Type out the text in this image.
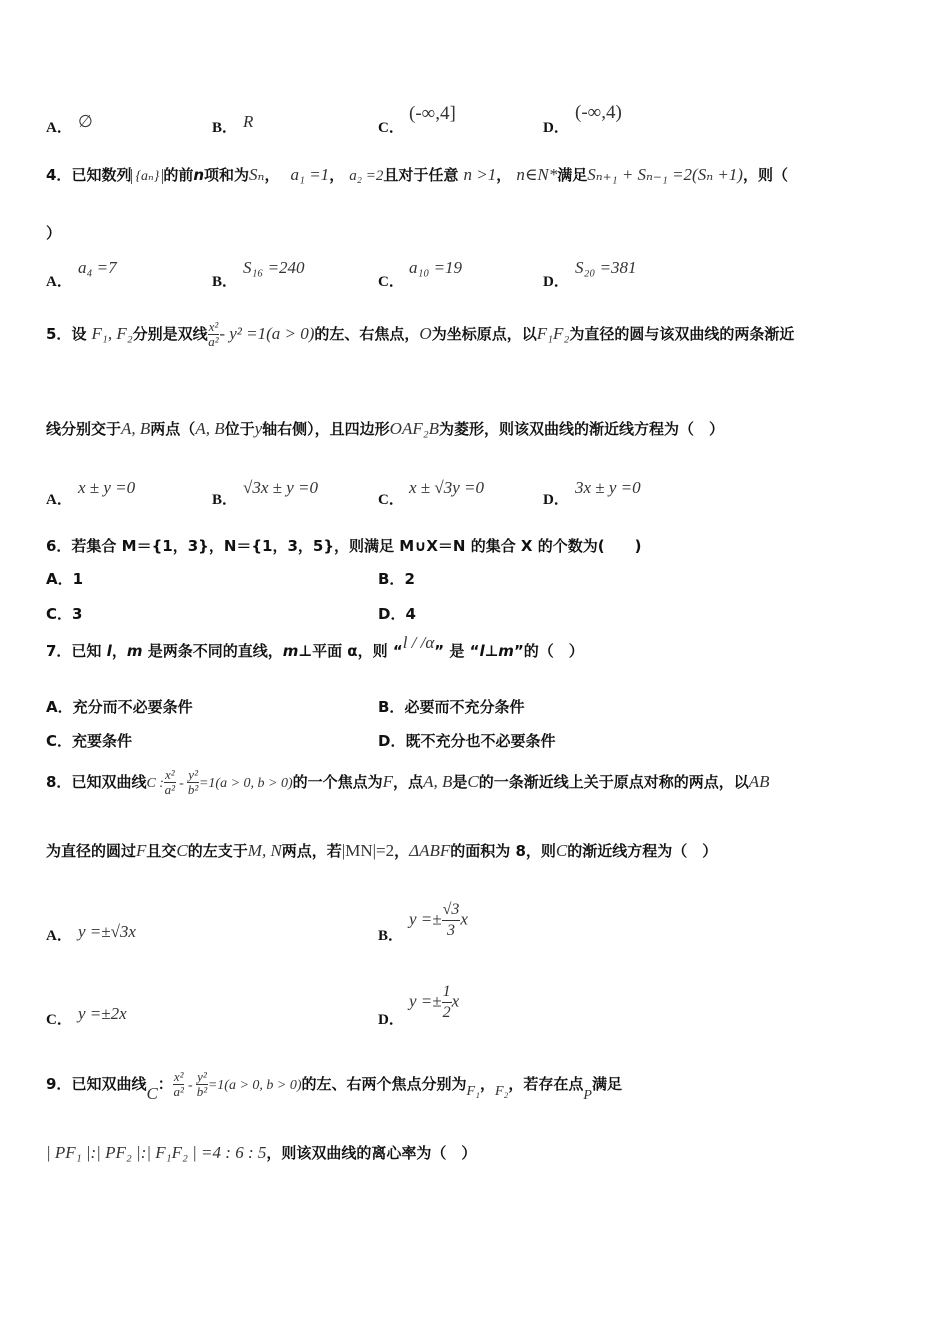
A． ∅	B． R	C．
(-∞,4]
D．
(-∞,4)
4．已知数列 {aₙ} 的前n项和为Sₙ， a₁ =1， a₂ =2且对于任意 n >1， n∈N*满足Sₙ₊₁ + Sₙ₋₁ =2(Sₙ +1)，则（
）
A．
a₄ =7
B．
S₁₆ =240
C．
a₁₀ =19
D．
S₂₀ =381
5．设 F₁, F₂分别是双线 $\frac{\text{x²}}{\text{a²}} - y^2 =1(a > 0)$的左、右焦点，O为坐标原点，以F₁F₂为直径的圆与该双曲线的两条渐近
线分别交于A, B两点（A, B位于y轴右侧），且四边形OAF₂B为菱形，则该双曲线的渐近线方程为（　）
A．
x ± y =0
B．
√3x ± y =0
C．
x ± √3y =0
D．
3x ± y =0
6．若集合 M＝{1，3}，N＝{1，3，5}，则满足 M∪X＝N 的集合 X 的个数为(　　)
A．1	B．2
C．3	D．4
7．已知 l，m 是两条不同的直线，m⊥平面 α，则 “l / /α” 是 “l⊥m”的（　）
A．充分而不必要条件	B．必要而不充分条件
C．充要条件	D．既不充分也不必要条件
8．已知双曲线C : $\frac{\text{x²}}{\text{a²}} - \frac{\text{y²}}{\text{b²}} =1(a > 0$, b > 0)的一个焦点为F，点A, B是C的一条渐近线上关于原点对称的两点，以AB
为直径的圆过F且交C的左支于M, N两点，若|MN|=2，ΔABF的面积为 8，则C的渐近线方程为（　）
A． y =±√3x	B．
$y =\pm \frac{√3}{3}$ x
C． y =±2x	D．
$y =\pm \frac{1}{2}$ x
9．已知双曲线C： $\frac{\text{x²}}{\text{a²}} - \frac{\text{y²}}{\text{b²}} =1(a > 0$, b > 0)的左、右两个焦点分别为F₁，F₂，若存在点P满足
| PF₁ |:| PF₂ |:| F₁F₂ | =4 : 6 : 5，则该双曲线的离心率为（　）
